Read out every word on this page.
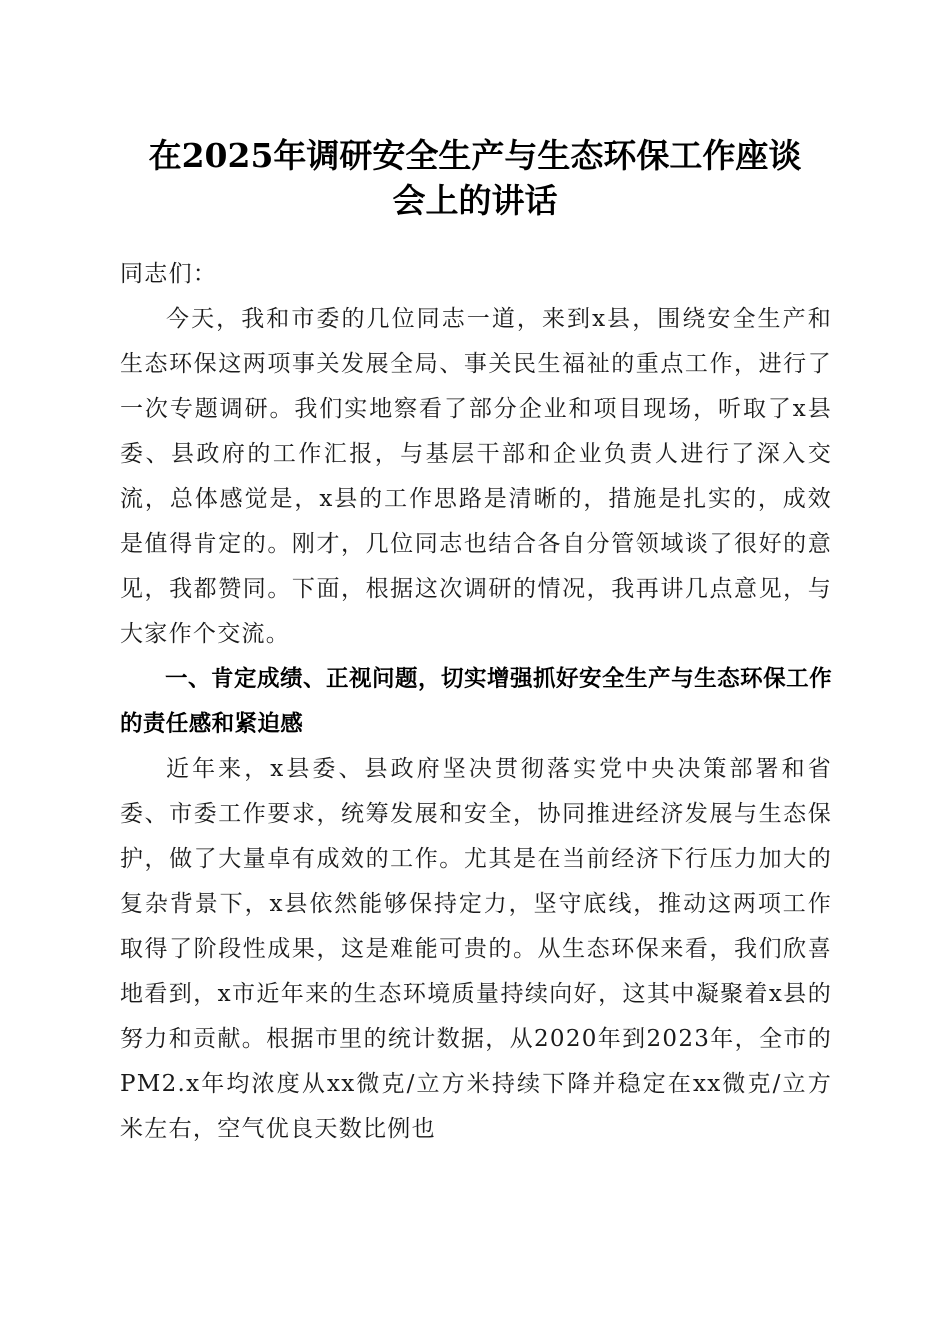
在2025年调研安全生产与生态环保工作座谈
会上的讲话

同志们：

今天，我和市委的几位同志一道，来到x县，围绕安全生产和生态环保这两项事关发展全局、事关民生福祉的重点工作，进行了一次专题调研。我们实地察看了部分企业和项目现场，听取了x县委、县政府的工作汇报，与基层干部和企业负责人进行了深入交流，总体感觉是，x县的工作思路是清晰的，措施是扎实的，成效是值得肯定的。刚才，几位同志也结合各自分管领域谈了很好的意见，我都赞同。下面，根据这次调研的情况，我再讲几点意见，与大家作个交流。

一、肯定成绩、正视问题，切实增强抓好安全生产与生态环保工作的责任感和紧迫感

近年来，x县委、县政府坚决贯彻落实党中央决策部署和省委、市委工作要求，统筹发展和安全，协同推进经济发展与生态保护，做了大量卓有成效的工作。尤其是在当前经济下行压力加大的复杂背景下，x县依然能够保持定力，坚守底线，推动这两项工作取得了阶段性成果，这是难能可贵的。从生态环保来看，我们欣喜地看到，x市近年来的生态环境质量持续向好，这其中凝聚着x县的努力和贡献。根据市里的统计数据，从2020年到2023年，全市的PM2.x年均浓度从xx微克/立方米持续下降并稳定在xx微克/立方米左右，空气优良天数比例也
